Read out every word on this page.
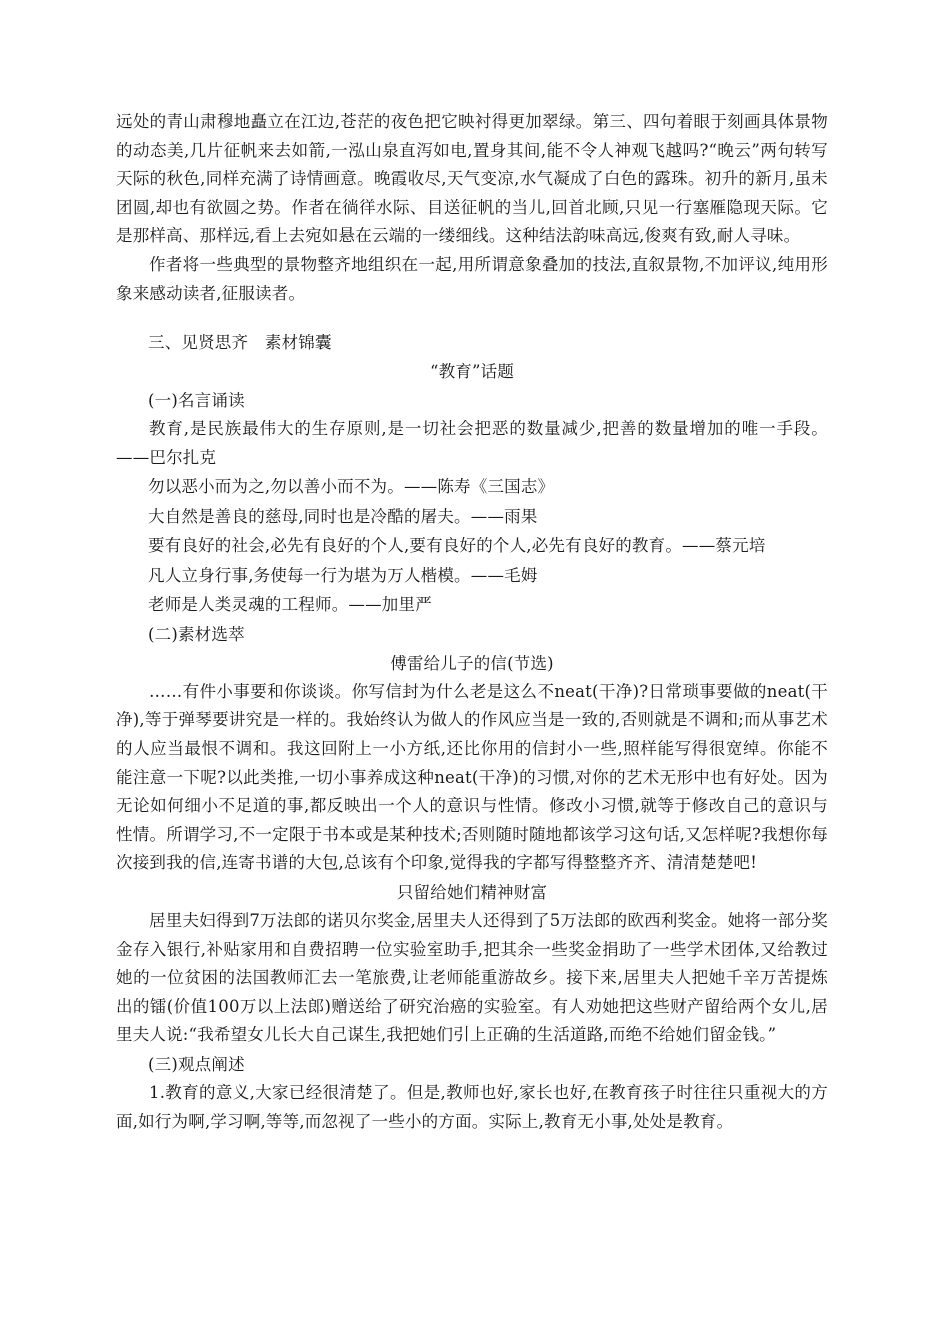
远处的青山肃穆地矗立在江边,苍茫的夜色把它映衬得更加翠绿。第三、四句着眼于刻画具体景物的动态美,几片征帆来去如箭,一泓山泉直泻如电,置身其间,能不令人神观飞越吗?“晚云”两句转写天际的秋色,同样充满了诗情画意。晚霞收尽,天气变凉,水气凝成了白色的露珠。初升的新月,虽未团圆,却也有欲圆之势。作者在徜徉水际、目送征帆的当儿,回首北顾,只见一行塞雁隐现天际。它是那样高、那样远,看上去宛如悬在云端的一缕细线。这种结法韵味高远,俊爽有致,耐人寻味。

作者将一些典型的景物整齐地组织在一起,用所谓意象叠加的技法,直叙景物,不加评议,纯用形象来感动读者,征服读者。

三、见贤思齐　素材锦囊

“教育”话题

(一)名言诵读

教育,是民族最伟大的生存原则,是一切社会把恶的数量减少,把善的数量增加的唯一手段。——巴尔扎克

勿以恶小而为之,勿以善小而不为。——陈寿《三国志》

大自然是善良的慈母,同时也是冷酷的屠夫。——雨果

要有良好的社会,必先有良好的个人,要有良好的个人,必先有良好的教育。——蔡元培

凡人立身行事,务使每一行为堪为万人楷模。——毛姆

老师是人类灵魂的工程师。——加里严

(二)素材选萃

傅雷给儿子的信(节选)

……有件小事要和你谈谈。你写信封为什么老是这么不neat(干净)?日常琐事要做的neat(干净),等于弹琴要讲究是一样的。我始终认为做人的作风应当是一致的,否则就是不调和;而从事艺术的人应当最恨不调和。我这回附上一小方纸,还比你用的信封小一些,照样能写得很宽绰。你能不能注意一下呢?以此类推,一切小事养成这种neat(干净)的习惯,对你的艺术无形中也有好处。因为无论如何细小不足道的事,都反映出一个人的意识与性情。修改小习惯,就等于修改自己的意识与性情。所谓学习,不一定限于书本或是某种技术;否则随时随地都该学习这句话,又怎样呢?我想你每次接到我的信,连寄书谱的大包,总该有个印象,觉得我的字都写得整整齐齐、清清楚楚吧!

只留给她们精神财富

居里夫妇得到7万法郎的诺贝尔奖金,居里夫人还得到了5万法郎的欧西利奖金。她将一部分奖金存入银行,补贴家用和自费招聘一位实验室助手,把其余一些奖金捐助了一些学术团体,又给教过她的一位贫困的法国教师汇去一笔旅费,让老师能重游故乡。接下来,居里夫人把她千辛万苦提炼出的镭(价值100万以上法郎)赠送给了研究治癌的实验室。有人劝她把这些财产留给两个女儿,居里夫人说:“我希望女儿长大自己谋生,我把她们引上正确的生活道路,而绝不给她们留金钱。”

(三)观点阐述

1.教育的意义,大家已经很清楚了。但是,教师也好,家长也好,在教育孩子时往往只重视大的方面,如行为啊,学习啊,等等,而忽视了一些小的方面。实际上,教育无小事,处处是教育。
